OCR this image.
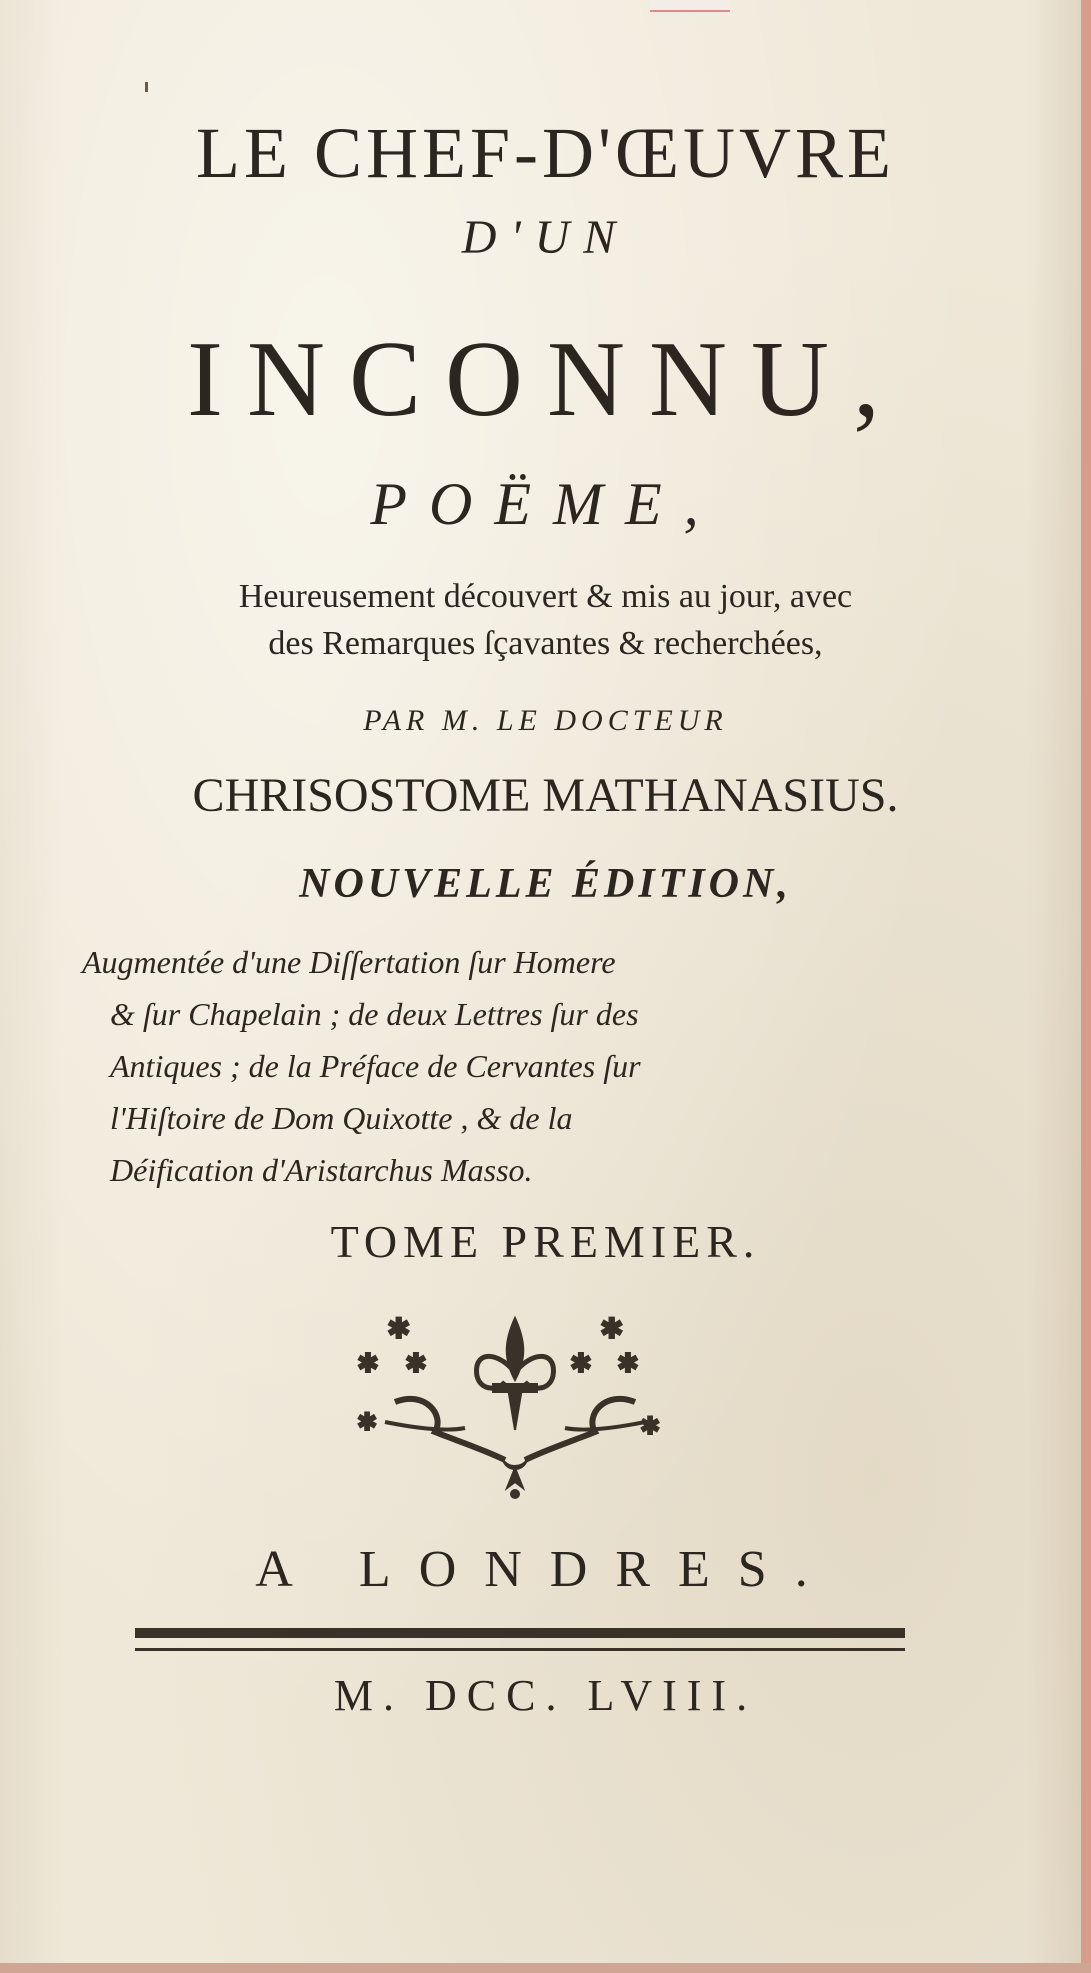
LE CHEF-D'ŒUVRE
D'UN
INCONNU,
POËME,
Heureusement découvert & mis au jour, avec
des Remarques ſçavantes & recherchées,
PAR M. LE DOCTEUR
CHRISOSTOME MATHANASIUS.
NOUVELLE ÉDITION,
Augmentée d'une Diſſertation ſur Homere
& ſur Chapelain ; de deux Lettres ſur des
Antiques ; de la Préface de Cervantes ſur
l'Hiſtoire de Dom Quixotte , & de la
Déification d'Aristarchus Masso.
TOME PREMIER.
✱
✱ ✱
✱
✱
✱ ✱
✱
A LONDRES.
M. DCC. LVIII.
